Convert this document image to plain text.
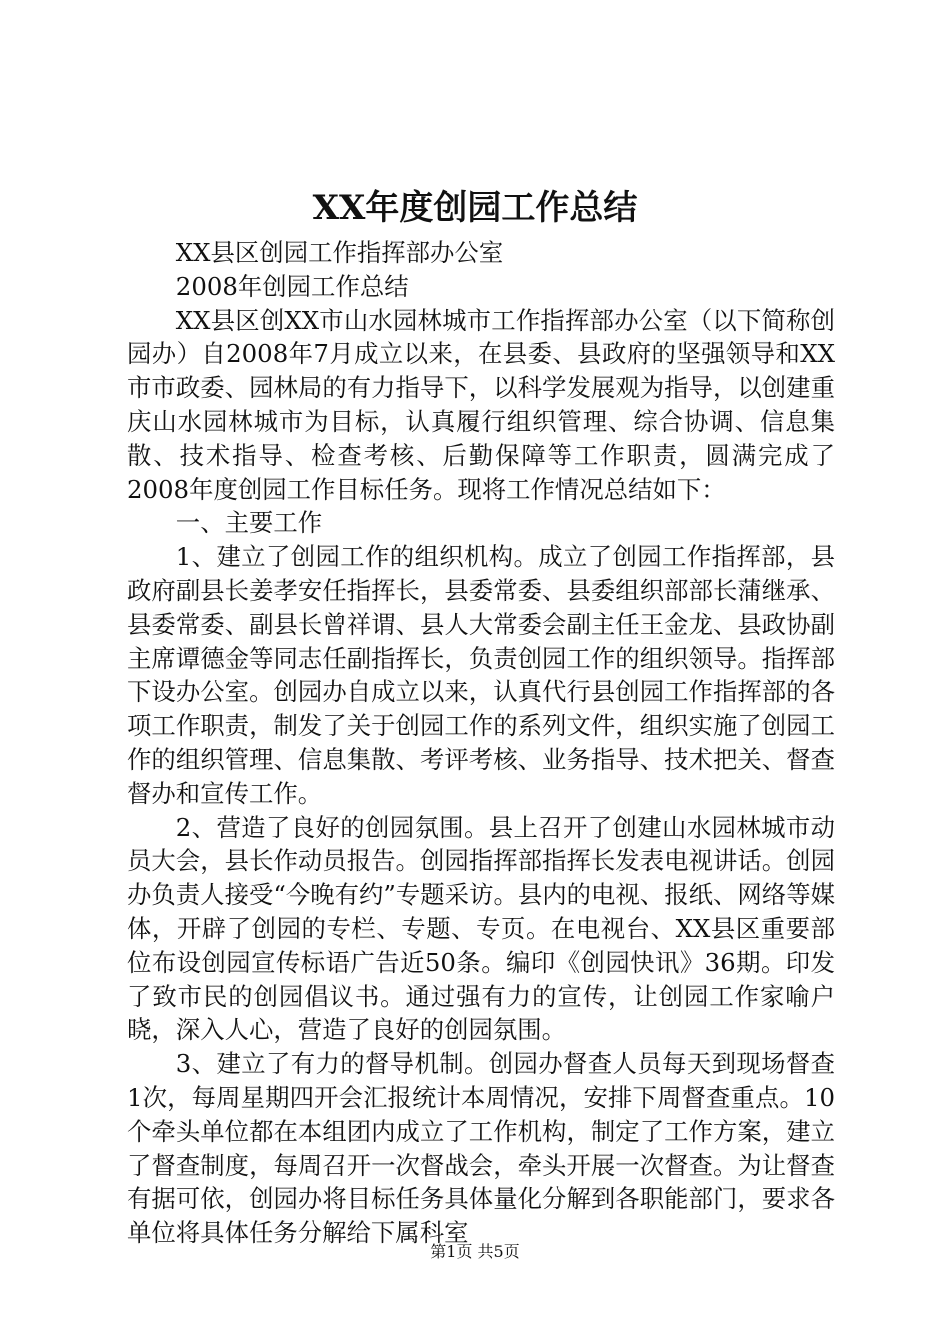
XX年度创园工作总结

XX县区创园工作指挥部办公室

2008年创园工作总结

XX县区创XX市山水园林城市工作指挥部办公室（以下简称创园办）自2008年7月成立以来，在县委、县政府的坚强领导和XX市市政委、园林局的有力指导下，以科学发展观为指导，以创建重庆山水园林城市为目标，认真履行组织管理、综合协调、信息集散、技术指导、检查考核、后勤保障等工作职责，圆满完成了2008年度创园工作目标任务。现将工作情况总结如下：

一、主要工作

1、建立了创园工作的组织机构。成立了创园工作指挥部，县政府副县长姜孝安任指挥长，县委常委、县委组织部部长蒲继承、县委常委、副县长曾祥谓、县人大常委会副主任王金龙、县政协副主席谭德金等同志任副指挥长，负责创园工作的组织领导。指挥部下设办公室。创园办自成立以来，认真代行县创园工作指挥部的各项工作职责，制发了关于创园工作的系列文件，组织实施了创园工作的组织管理、信息集散、考评考核、业务指导、技术把关、督查督办和宣传工作。

2、营造了良好的创园氛围。县上召开了创建山水园林城市动员大会，县长作动员报告。创园指挥部指挥长发表电视讲话。创园办负责人接受“今晚有约”专题采访。县内的电视、报纸、网络等媒体，开辟了创园的专栏、专题、专页。在电视台、XX县区重要部位布设创园宣传标语广告近50条。编印《创园快讯》36期。印发了致市民的创园倡议书。通过强有力的宣传，让创园工作家喻户晓，深入人心，营造了良好的创园氛围。

3、建立了有力的督导机制。创园办督查人员每天到现场督查1次，每周星期四开会汇报统计本周情况，安排下周督查重点。10个牵头单位都在本组团内成立了工作机构，制定了工作方案，建立了督查制度，每周召开一次督战会，牵头开展一次督查。为让督查有据可依，创园办将目标任务具体量化分解到各职能部门，要求各单位将具体任务分解给下属科室

第1页 共5页
